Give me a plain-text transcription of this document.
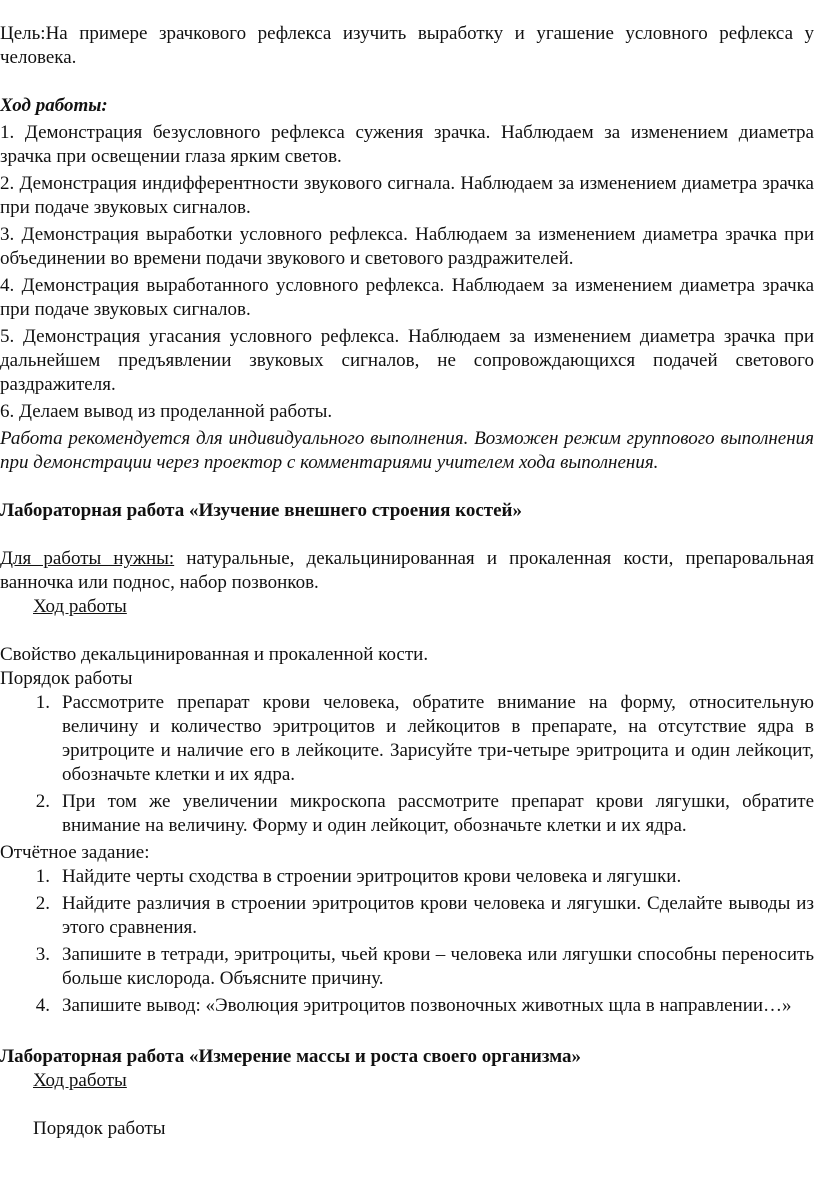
Цель:На примере зрачкового рефлекса изучить выработку и угашение условного рефлекса у человека.

Ход работы:

1. Демонстрация безусловного рефлекса сужения зрачка. Наблюдаем за изменением диаметра зрачка при освещении глаза ярким светов.

2. Демонстрация индифферентности звукового сигнала. Наблюдаем за изменением диаметра зрачка при подаче звуковых сигналов.

3. Демонстрация выработки условного рефлекса. Наблюдаем за изменением диаметра зрачка при объединении во времени подачи звукового и светового раздражителей.

4. Демонстрация выработанного условного рефлекса. Наблюдаем за изменением диаметра зрачка при подаче звуковых сигналов.

5. Демонстрация угасания условного рефлекса. Наблюдаем за изменением диаметра зрачка при дальнейшем предъявлении звуковых сигналов, не сопровождающихся подачей светового раздражителя.

6. Делаем вывод из проделанной работы.

Работа рекомендуется для индивидуального выполнения. Возможен режим группового выполнения при демонстрации через проектор с комментариями учителем хода выполнения.

Лабораторная работа «Изучение внешнего строения костей»

Для работы нужны: натуральные, декальцинированная и прокаленная кости, препаровальная ванночка или поднос, набор позвонков.

Ход работы

Свойство декальцинированная и прокаленной кости.

Порядок работы

1. Рассмотрите препарат крови человека, обратите внимание на форму, относительную величину и количество эритроцитов и лейкоцитов в препарате, на отсутствие ядра в эритроците и наличие его в лейкоците. Зарисуйте три-четыре эритроцита и один лейкоцит, обозначьте клетки и их ядра.
2. При том же увеличении микроскопа рассмотрите препарат крови лягушки, обратите внимание на величину. Форму и один лейкоцит, обозначьте клетки и их ядра.

Отчётное задание:

1. Найдите черты сходства в строении эритроцитов крови человека и лягушки.
2. Найдите различия в строении эритроцитов крови человека и лягушки. Сделайте выводы из этого сравнения.
3. Запишите в тетради, эритроциты, чьей крови – человека или лягушки способны переносить больше кислорода. Объясните причину.
4. Запишите вывод: «Эволюция эритроцитов позвоночных животных щла в направлении…»

Лабораторная работа «Измерение массы и роста своего организма»

Ход работы

Порядок работы
